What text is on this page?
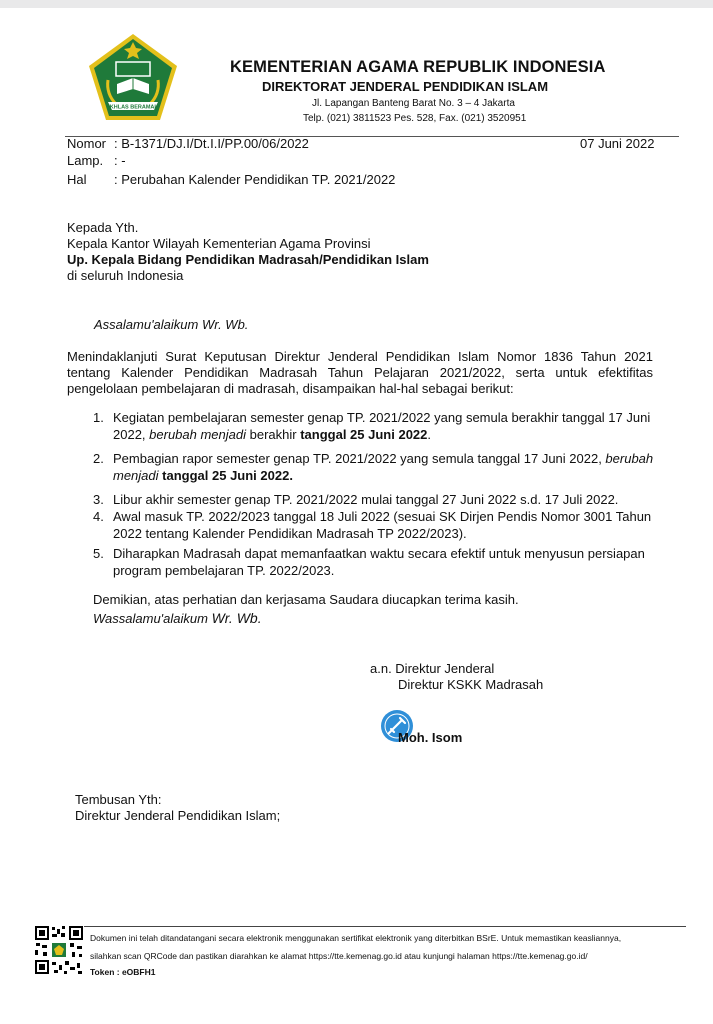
IKHLAS BERAMAL
KEMENTERIAN AGAMA REPUBLIK INDONESIA
DIREKTORAT JENDERAL PENDIDIKAN ISLAM
Jl. Lapangan Banteng Barat No. 3 – 4 Jakarta
Telp. (021) 3811523 Pes. 528, Fax. (021) 3520951
Nomor : B-1371/DJ.I/Dt.I.I/PP.00/06/2022	07 Juni 2022
Lamp. : -
Hal : Perubahan Kalender Pendidikan TP. 2021/2022
Kepada Yth.
Kepala Kantor Wilayah Kementerian Agama Provinsi
Up. Kepala Bidang Pendidikan Madrasah/Pendidikan Islam
di seluruh Indonesia
Assalamu'alaikum Wr. Wb.
Menindaklanjuti Surat Keputusan Direktur Jenderal Pendidikan Islam Nomor 1836 Tahun 2021 tentang Kalender Pendidikan Madrasah Tahun Pelajaran 2021/2022, serta untuk efektifitas pengelolaan pembelajaran di madrasah, disampaikan hal-hal sebagai berikut:
1. Kegiatan pembelajaran semester genap TP. 2021/2022 yang semula berakhir tanggal 17 Juni 2022, berubah menjadi berakhir tanggal 25 Juni 2022.
2. Pembagian rapor semester genap TP. 2021/2022 yang semula tanggal 17 Juni 2022, berubah menjadi tanggal 25 Juni 2022.
3. Libur akhir semester genap TP. 2021/2022 mulai tanggal 27 Juni 2022 s.d. 17 Juli 2022.
4. Awal masuk TP. 2022/2023 tanggal 18 Juli 2022 (sesuai SK Dirjen Pendis Nomor 3001 Tahun 2022 tentang Kalender Pendidikan Madrasah TP 2022/2023).
5. Diharapkan Madrasah dapat memanfaatkan waktu secara efektif untuk menyusun persiapan program pembelajaran TP. 2022/2023.
Demikian, atas perhatian dan kerjasama Saudara diucapkan terima kasih.
Wassalamu'alaikum Wr. Wb.
a.n. Direktur Jenderal
Direktur KSKK Madrasah
Moh. Isom
Tembusan Yth:
Direktur Jenderal Pendidikan Islam;
Dokumen ini telah ditandatangani secara elektronik menggunakan sertifikat elektronik yang diterbitkan BSrE. Untuk memastikan keasliannya,
silahkan scan QRCode dan pastikan diarahkan ke alamat https://tte.kemenag.go.id atau kunjungi halaman https://tte.kemenag.go.id/
Token : eOBFH1
